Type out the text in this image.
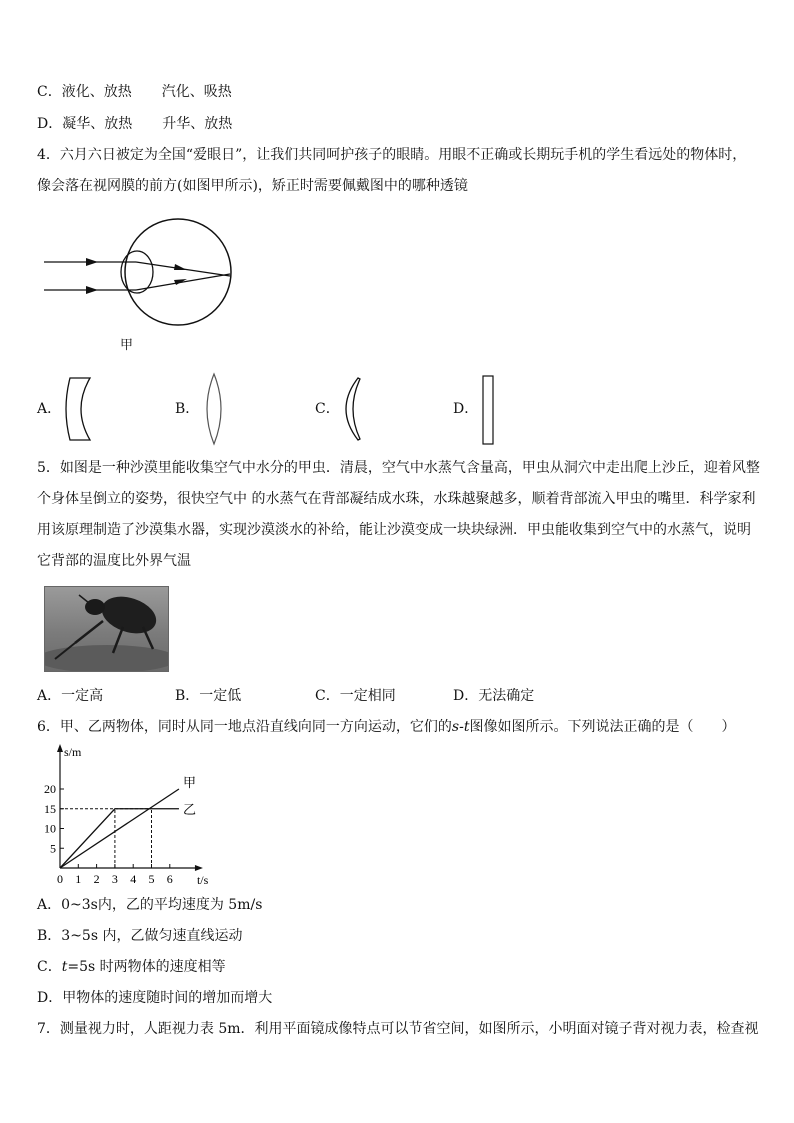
C．液化、放热 汽化、吸热
D．凝华、放热 升华、放热
4．六月六日被定为全国“爱眼日”，让我们共同呵护孩子的眼睛。用眼不正确或长期玩手机的学生看远处的物体时，
像会落在视网膜的前方(如图甲所示)，矫正时需要佩戴图中的哪种透镜
甲
A．	B．	C．	D．
5．如图是一种沙漠里能收集空气中水分的甲虫．清晨，空气中水蒸气含量高，甲虫从洞穴中走出爬上沙丘，迎着风整
个身体呈倒立的姿势，很快空气中 的水蒸气在背部凝结成水珠，水珠越聚越多，顺着背部流入甲虫的嘴里．科学家利
用该原理制造了沙漠集水器，实现沙漠淡水的补给，能让沙漠变成一块块绿洲．甲虫能收集到空气中的水蒸气，说明
它背部的温度比外界气温
A．一定高	B．一定低	C．一定相同	D．无法确定
6．甲、乙两物体，同时从同一地点沿直线向同一方向运动，它们的s-t图像如图所示。下列说法正确的是（　　）
s/m
t/s
0 1 2 3 4 5 6
5
10
15
20	甲
乙
A．0~3s内，乙的平均速度为 5m/s
B．3~5s 内，乙做匀速直线运动
C．t=5s 时两物体的速度相等
D．甲物体的速度随时间的增加而增大
7．测量视力时，人距视力表 5m．利用平面镜成像特点可以节省空间，如图所示，小明面对镜子背对视力表，检查视
